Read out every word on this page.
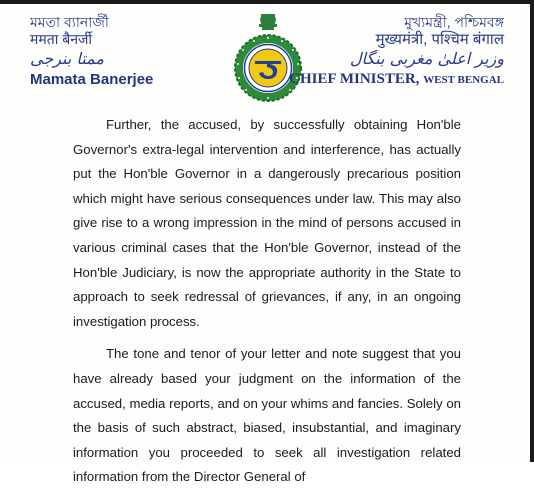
মমতা ব্যানার্জী
ममता बैनर्जी
ممتا بنرجی
Mamata Banerjee
মুখ্যমন্ত্রী, পশ্চিমবঙ্গ
मुख्यमंत्री, पश्चिम बंगाल
وزیر اعلیٰ مغربی بنگال
CHIEF MINISTER, WEST BENGAL

Further, the accused, by successfully obtaining Hon'ble Governor's extra-legal intervention and interference, has actually put the Hon'ble Governor in a dangerously precarious position which might have serious consequences under law. This may also give rise to a wrong impression in the mind of persons accused in various criminal cases that the Hon'ble Governor, instead of the Hon'ble Judiciary, is now the appropriate authority in the State to approach to seek redressal of grievances, if any, in an ongoing investigation process.

The tone and tenor of your letter and note suggest that you have already based your judgment on the information of the accused, media reports, and on your whims and fancies. Solely on the basis of such abstract, biased, insubstantial, and imaginary information you proceeded to seek all investigation related information from the Director General of
